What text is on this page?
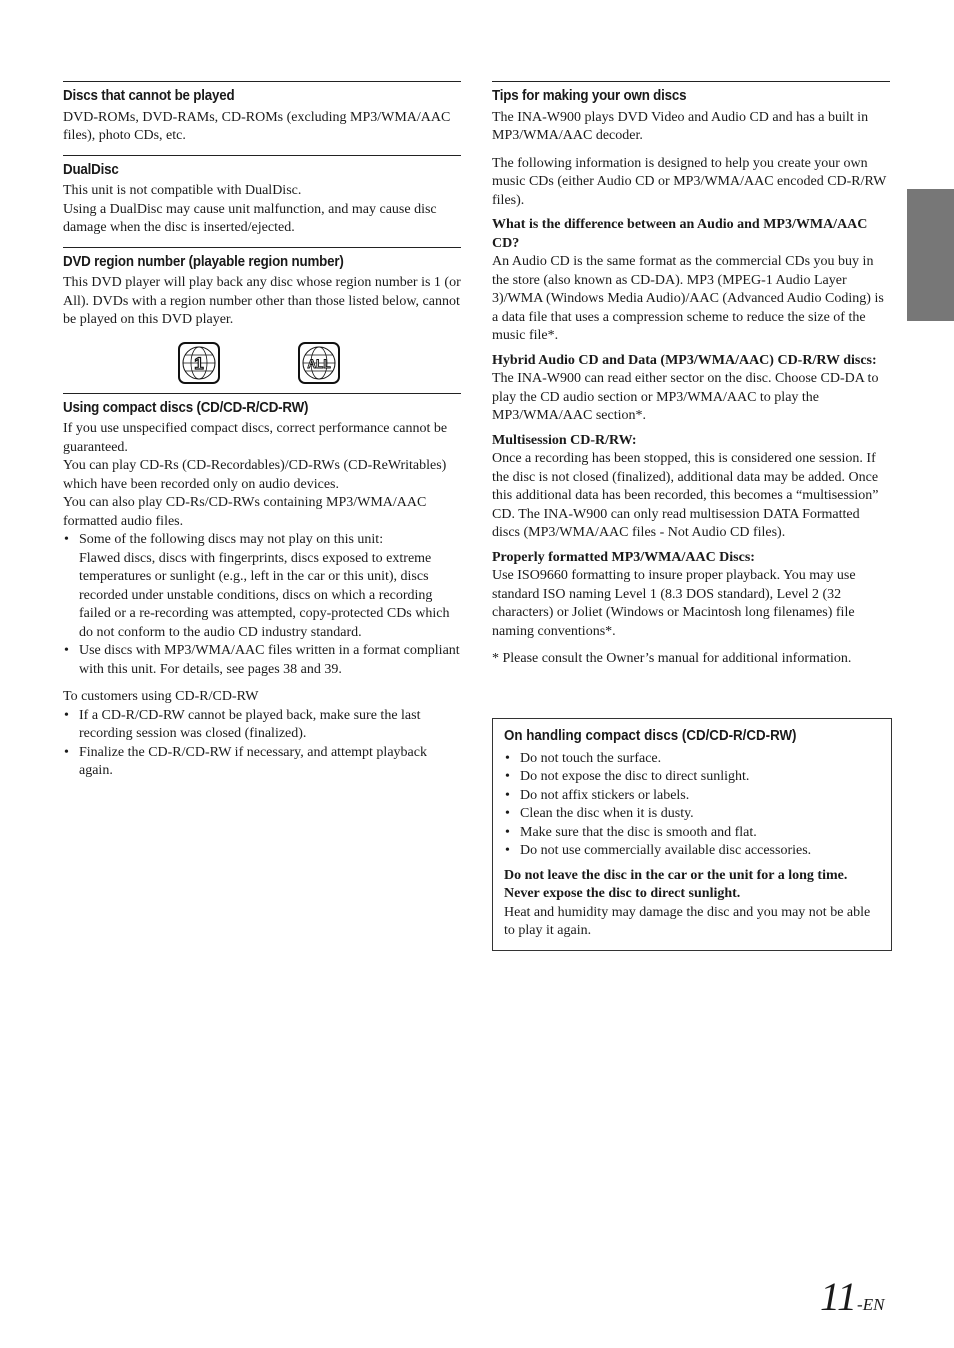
Discs that cannot be played

DVD-ROMs, DVD-RAMs, CD-ROMs (excluding MP3/WMA/AAC files), photo CDs, etc.

DualDisc

This unit is not compatible with DualDisc.

Using a DualDisc may cause unit malfunction, and may cause disc damage when the disc is inserted/ejected.

DVD region number (playable region number)

This DVD player will play back any disc whose region number is 1 (or All). DVDs with a region number other than those listed below, cannot be played on this DVD player.

1	ALL
Using compact discs (CD/CD-R/CD-RW)

If you use unspecified compact discs, correct performance cannot be guaranteed.

You can play CD-Rs (CD-Recordables)/CD-RWs (CD-ReWritables) which have been recorded only on audio devices.

You can also play CD-Rs/CD-RWs containing MP3/WMA/AAC formatted audio files.

• Some of the following discs may not play on this unit:
Flawed discs, discs with fingerprints, discs exposed to extreme temperatures or sunlight (e.g., left in the car or this unit), discs recorded under unstable conditions, discs on which a recording failed or a re-recording was attempted, copy-protected CDs which do not conform to the audio CD industry standard.
• Use discs with MP3/WMA/AAC files written in a format compliant with this unit. For details, see pages 38 and 39.

To customers using CD-R/CD-RW

• If a CD-R/CD-RW cannot be played back, make sure the last recording session was closed (finalized).
• Finalize the CD-R/CD-RW if necessary, and attempt playback again.
Tips for making your own discs

The INA-W900 plays DVD Video and Audio CD and has a built in MP3/WMA/AAC decoder.

The following information is designed to help you create your own music CDs (either Audio CD or MP3/WMA/AAC encoded CD-R/RW files).

What is the difference between an Audio and MP3/WMA/AAC CD?

An Audio CD is the same format as the commercial CDs you buy in the store (also known as CD-DA). MP3 (MPEG-1 Audio Layer 3)/WMA (Windows Media Audio)/AAC (Advanced Audio Coding) is a data file that uses a compression scheme to reduce the size of the music file*.

Hybrid Audio CD and Data (MP3/WMA/AAC) CD-R/RW discs:

The INA-W900 can read either sector on the disc. Choose CD-DA to play the CD audio section or MP3/WMA/AAC to play the MP3/WMA/AAC section*.

Multisession CD-R/RW:

Once a recording has been stopped, this is considered one session. If the disc is not closed (finalized), additional data may be added. Once this additional data has been recorded, this becomes a “multisession” CD. The INA-W900 can only read multisession DATA Formatted discs (MP3/WMA/AAC files - Not Audio CD files).

Properly formatted MP3/WMA/AAC Discs:

Use ISO9660 formatting to insure proper playback. You may use standard ISO naming Level 1 (8.3 DOS standard), Level 2 (32 characters) or Joliet (Windows or Macintosh long filenames) file naming conventions*.

* Please consult the Owner’s manual for additional information.

On handling compact discs (CD/CD-R/CD-RW)
• Do not touch the surface.
• Do not expose the disc to direct sunlight.
• Do not affix stickers or labels.
• Clean the disc when it is dusty.
• Make sure that the disc is smooth and flat.
• Do not use commercially available disc accessories.

Do not leave the disc in the car or the unit for a long time.

Never expose the disc to direct sunlight.

Heat and humidity may damage the disc and you may not be able to play it again.

11-EN
